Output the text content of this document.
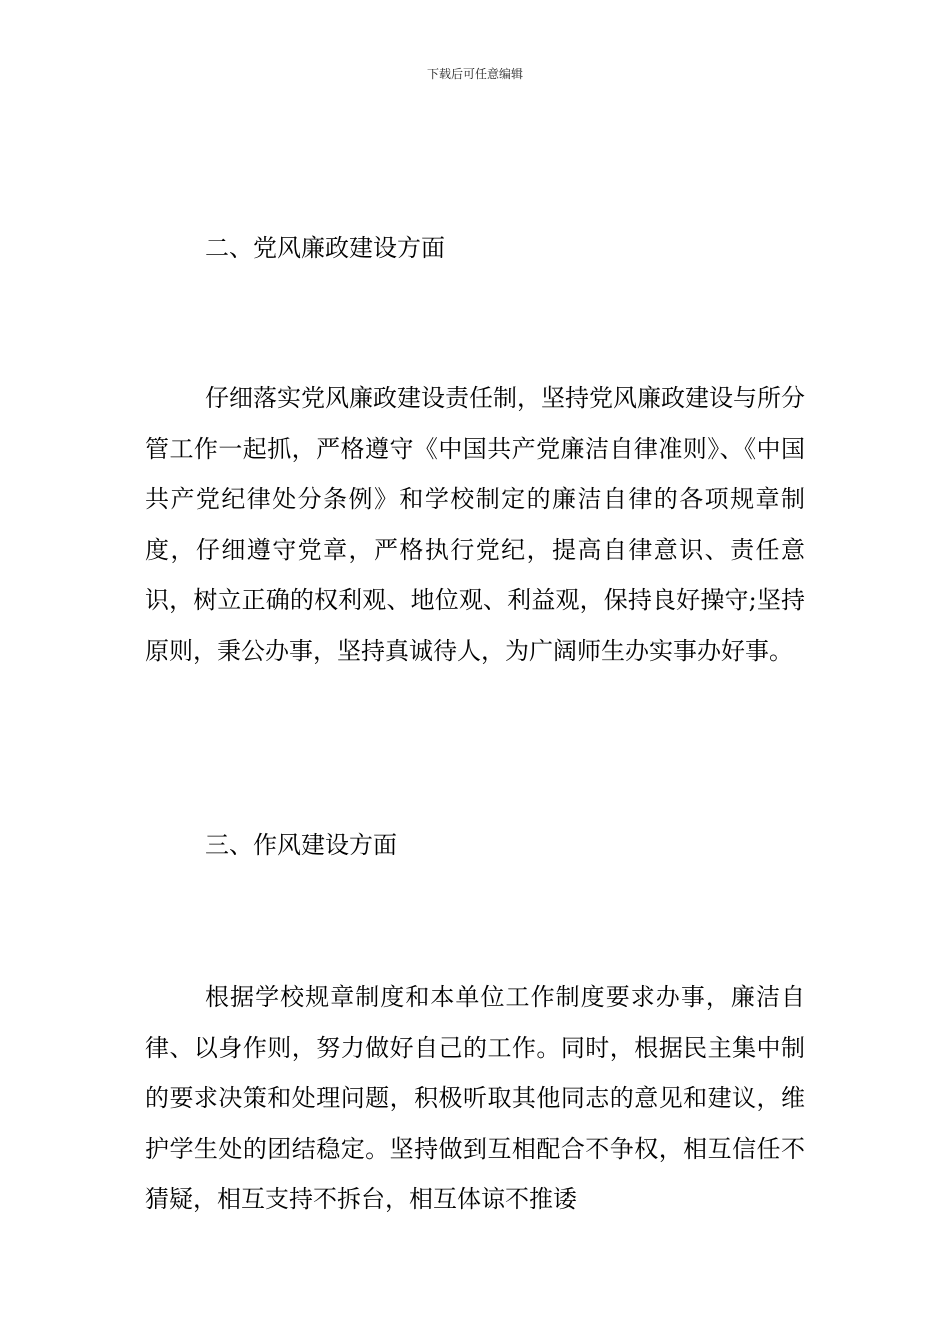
下载后可任意编辑
二、党风廉政建设方面

仔细落实党风廉政建设责任制，坚持党风廉政建设与所分管工作一起抓，严格遵守《中国共产党廉洁自律准则》、《中国共产党纪律处分条例》和学校制定的廉洁自律的各项规章制度，仔细遵守党章，严格执行党纪，提高自律意识、责任意识，树立正确的权利观、地位观、利益观，保持良好操守;坚持原则，秉公办事，坚持真诚待人，为广阔师生办实事办好事。

三、作风建设方面

根据学校规章制度和本单位工作制度要求办事，廉洁自律、以身作则，努力做好自己的工作。同时，根据民主集中制的要求决策和处理问题，积极听取其他同志的意见和建议，维护学生处的团结稳定。坚持做到互相配合不争权，相互信任不猜疑，相互支持不拆台，相互体谅不推诿
